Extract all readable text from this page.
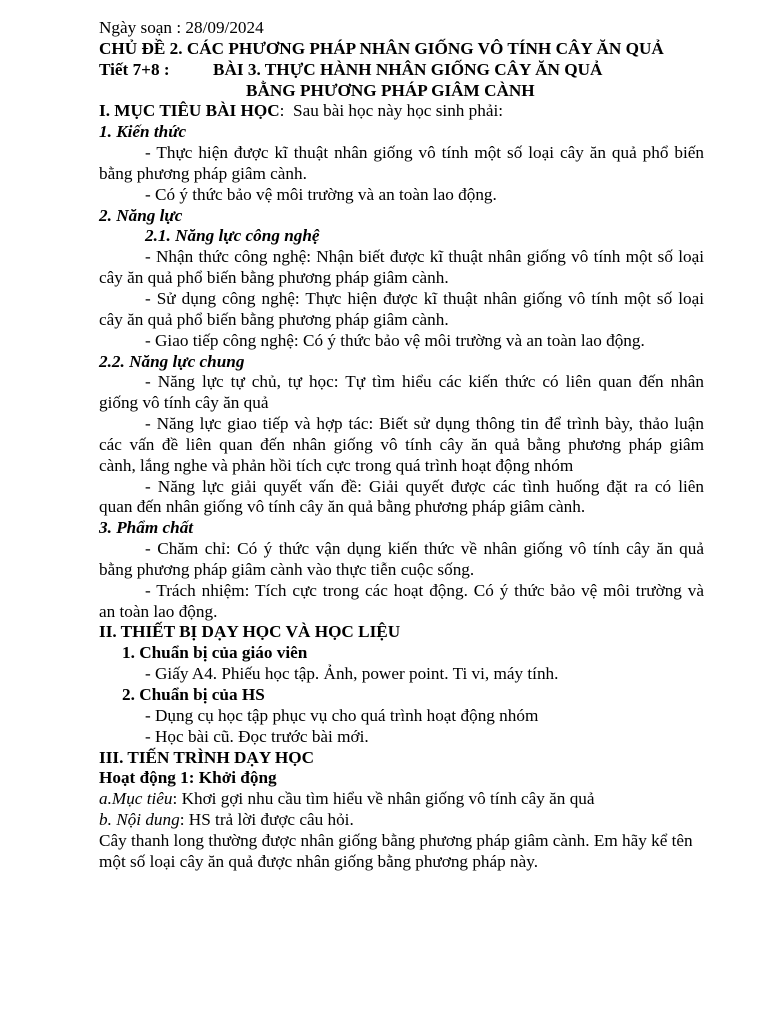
Ngày soạn : 28/09/2024
CHỦ ĐỀ 2. CÁC PHƯƠNG PHÁP NHÂN GIỐNG VÔ TÍNH CÂY ĂN QUẢ
Tiết 7+8 :	BÀI 3. THỰC HÀNH NHÂN GIỐNG CÂY ĂN QUẢ
BẰNG PHƯƠNG PHÁP GIÂM CÀNH
I. MỤC TIÊU BÀI HỌC:  Sau bài học này học sinh phải:
1. Kiến thức
- Thực hiện được kĩ thuật nhân giống vô tính một số loại cây ăn quả phổ biến
bằng phương pháp giâm cành.
- Có ý thức bảo vệ môi trường và an toàn lao động.
2. Năng lực
2.1. Năng lực công nghệ
- Nhận thức công nghệ: Nhận biết được kĩ thuật nhân giống vô tính một số loại
cây ăn quả phổ biến bằng phương pháp giâm cành.
- Sử dụng công nghệ: Thực hiện được kĩ thuật nhân giống vô tính một số loại
cây ăn quả phổ biến bằng phương pháp giâm cành.
- Giao tiếp công nghệ: Có ý thức bảo vệ môi trường và an toàn lao động.
2.2. Năng lực chung
- Năng lực tự chủ, tự học: Tự tìm hiểu các kiến thức có liên quan đến nhân
giống vô tính cây ăn quả
- Năng lực giao tiếp và hợp tác: Biết sử dụng thông tin để trình bày, thảo luận
các vấn đề liên quan đến nhân giống vô tính cây ăn quả bằng phương pháp giâm
cành, lắng nghe và phản hồi tích cực trong quá trình hoạt động nhóm
- Năng lực giải quyết vấn đề: Giải quyết được các tình huống đặt ra có liên
quan đến nhân giống vô tính cây ăn quả bằng phương pháp giâm cành.
3. Phẩm chất
- Chăm chỉ: Có ý thức vận dụng kiến thức về nhân giống vô tính cây ăn quả
bằng phương pháp giâm cành vào thực tiễn cuộc sống.
- Trách nhiệm: Tích cực trong các hoạt động. Có ý thức bảo vệ môi trường và
an toàn lao động.
II. THIẾT BỊ DẠY HỌC VÀ HỌC LIỆU
1. Chuẩn bị của giáo viên
- Giấy A4. Phiếu học tập. Ảnh, power point. Ti vi, máy tính.
2. Chuẩn bị của HS
- Dụng cụ học tập phục vụ cho quá trình hoạt động nhóm
- Học bài cũ. Đọc trước bài mới.
III. TIẾN TRÌNH DẠY HỌC
Hoạt động 1: Khởi động
a.Mục tiêu: Khơi gợi nhu cầu tìm hiểu về nhân giống vô tính cây ăn quả
b. Nội dung: HS trả lời được câu hỏi.
Cây thanh long thường được nhân giống bằng phương pháp giâm cành. Em hãy kể tên
một số loại cây ăn quả được nhân giống bằng phương pháp này.
